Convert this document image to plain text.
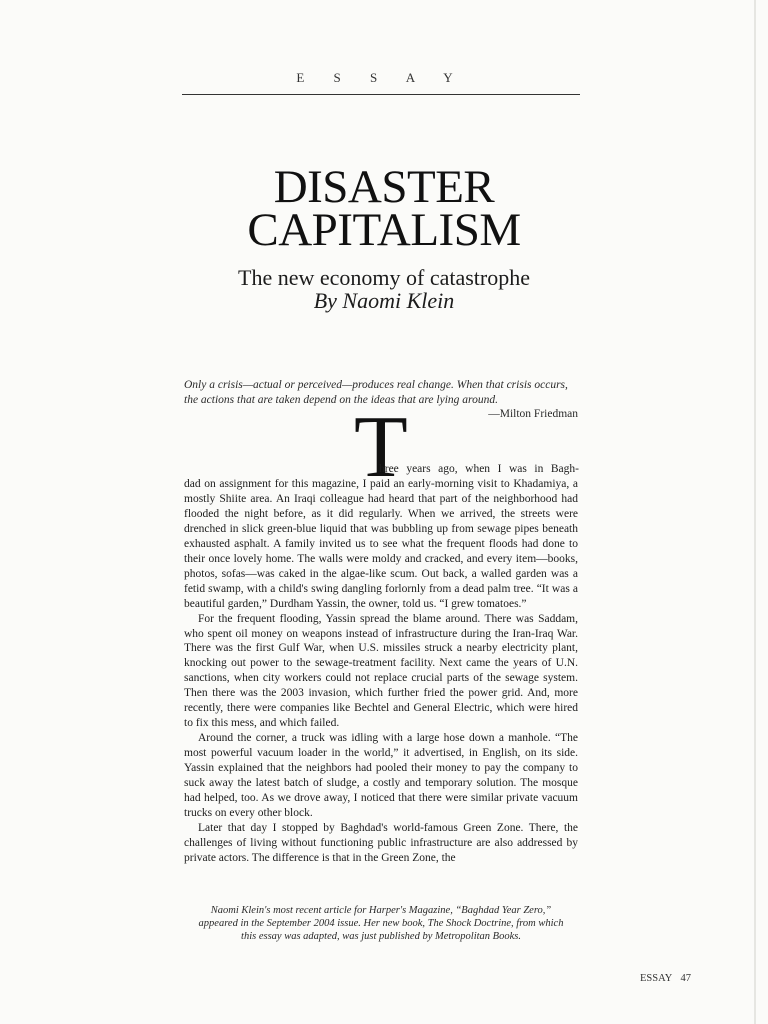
E S S A Y
DISASTER
CAPITALISM
The new economy of catastrophe
By Naomi Klein
Only a crisis—actual or perceived—produces real change. When that crisis occurs, the actions that are taken depend on the ideas that are lying around.
—Milton Friedman
T
hree years ago, when I was in Bagh-

dad on assignment for this magazine, I paid an early-morning visit to Khadamiya, a mostly Shiite area. An Iraqi colleague had heard that part of the neighborhood had flooded the night before, as it did regularly. When we arrived, the streets were drenched in slick green-blue liquid that was bubbling up from sewage pipes beneath exhausted asphalt. A family invited us to see what the frequent floods had done to their once lovely home. The walls were moldy and cracked, and every item—books, photos, sofas—was caked in the algae-like scum. Out back, a walled garden was a fetid swamp, with a child's swing dangling forlornly from a dead palm tree. “It was a beautiful garden,” Durdham Yassin, the owner, told us. “I grew tomatoes.”

For the frequent flooding, Yassin spread the blame around. There was Saddam, who spent oil money on weapons instead of infrastructure during the Iran-Iraq War. There was the first Gulf War, when U.S. missiles struck a nearby electricity plant, knocking out power to the sewage-treatment facility. Next came the years of U.N. sanctions, when city workers could not replace crucial parts of the sewage system. Then there was the 2003 invasion, which further fried the power grid. And, more recently, there were companies like Bechtel and General Electric, which were hired to fix this mess, and which failed.

Around the corner, a truck was idling with a large hose down a manhole. “The most powerful vacuum loader in the world,” it advertised, in English, on its side. Yassin explained that the neighbors had pooled their money to pay the company to suck away the latest batch of sludge, a costly and temporary solution. The mosque had helped, too. As we drove away, I noticed that there were similar private vacuum trucks on every other block.

Later that day I stopped by Baghdad's world-famous Green Zone. There, the challenges of living without functioning public infrastructure are also addressed by private actors. The difference is that in the Green Zone, the

Naomi Klein's most recent article for Harper's Magazine, “Baghdad Year Zero,” appeared in the September 2004 issue. Her new book, The Shock Doctrine, from which this essay was adapted, was just published by Metropolitan Books.
ESSAY 47
